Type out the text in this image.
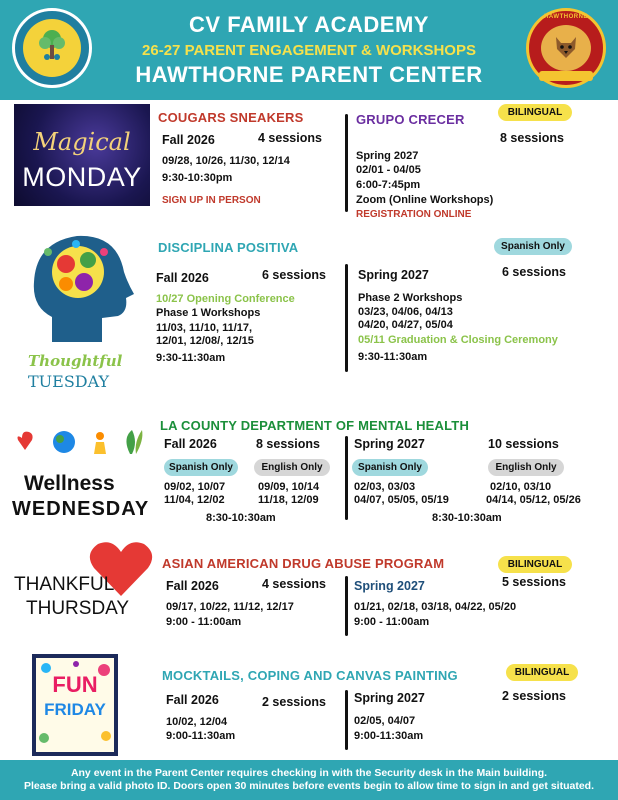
CV FAMILY ACADEMY
26-27 PARENT ENGAGEMENT & WORKSHOPS
HAWTHORNE PARENT CENTER
HAWTHORNE
Magical
MONDAY
COUGARS SNEAKERS
Fall 2026	4 sessions
09/28, 10/26, 11/30, 12/14
9:30-10:30pm
SIGN UP IN PERSON
GRUPO CRECER	BILINGUAL
8 sessions
Spring 2027
02/01 - 04/05
6:00-7:45pm
Zoom (Online Workshops)
REGISTRATION ONLINE
Thoughtful
TUESDAY
DISCIPLINA POSITIVA	Spanish Only
Fall 2026	6 sessions
10/27 Opening Conference
Phase 1 Workshops
11/03, 11/10, 11/17,
12/01, 12/08/, 12/15
9:30-11:30am
Spring 2027	6 sessions
Phase 2 Workshops
03/23, 04/06, 04/13
04/20, 04/27, 05/04
05/11 Graduation & Closing Ceremony
9:30-11:30am
Wellness
WEDNESDAY
LA COUNTY DEPARTMENT OF MENTAL HEALTH
Fall 2026	8 sessions
Spanish Only	English Only
09/02, 10/07
11/04, 12/02
09/09, 10/14
11/18, 12/09
8:30-10:30am
Spring 2027	10 sessions
Spanish Only	English Only
02/03, 03/03
04/07, 05/05, 05/19
02/10, 03/10
04/14, 05/12, 05/26
8:30-10:30am
THANKFUL
THURSDAY
ASIAN AMERICAN DRUG ABUSE PROGRAM	BILINGUAL
Fall 2026	4 sessions
09/17, 10/22, 11/12, 12/17
9:00 - 11:00am
Spring 2027	5 sessions
01/21, 02/18, 03/18, 04/22, 05/20
9:00 - 11:00am
FUN
FRIDAY
MOCKTAILS, COPING AND CANVAS PAINTING	BILINGUAL
Fall 2026	2 sessions
10/02, 12/04
9:00-11:30am
Spring 2027	2 sessions
02/05, 04/07
9:00-11:30am
Any event in the Parent Center requires checking in with the Security desk in the Main building.
Please bring a valid photo ID. Doors open 30 minutes before events begin to allow time to sign in and get situated.
